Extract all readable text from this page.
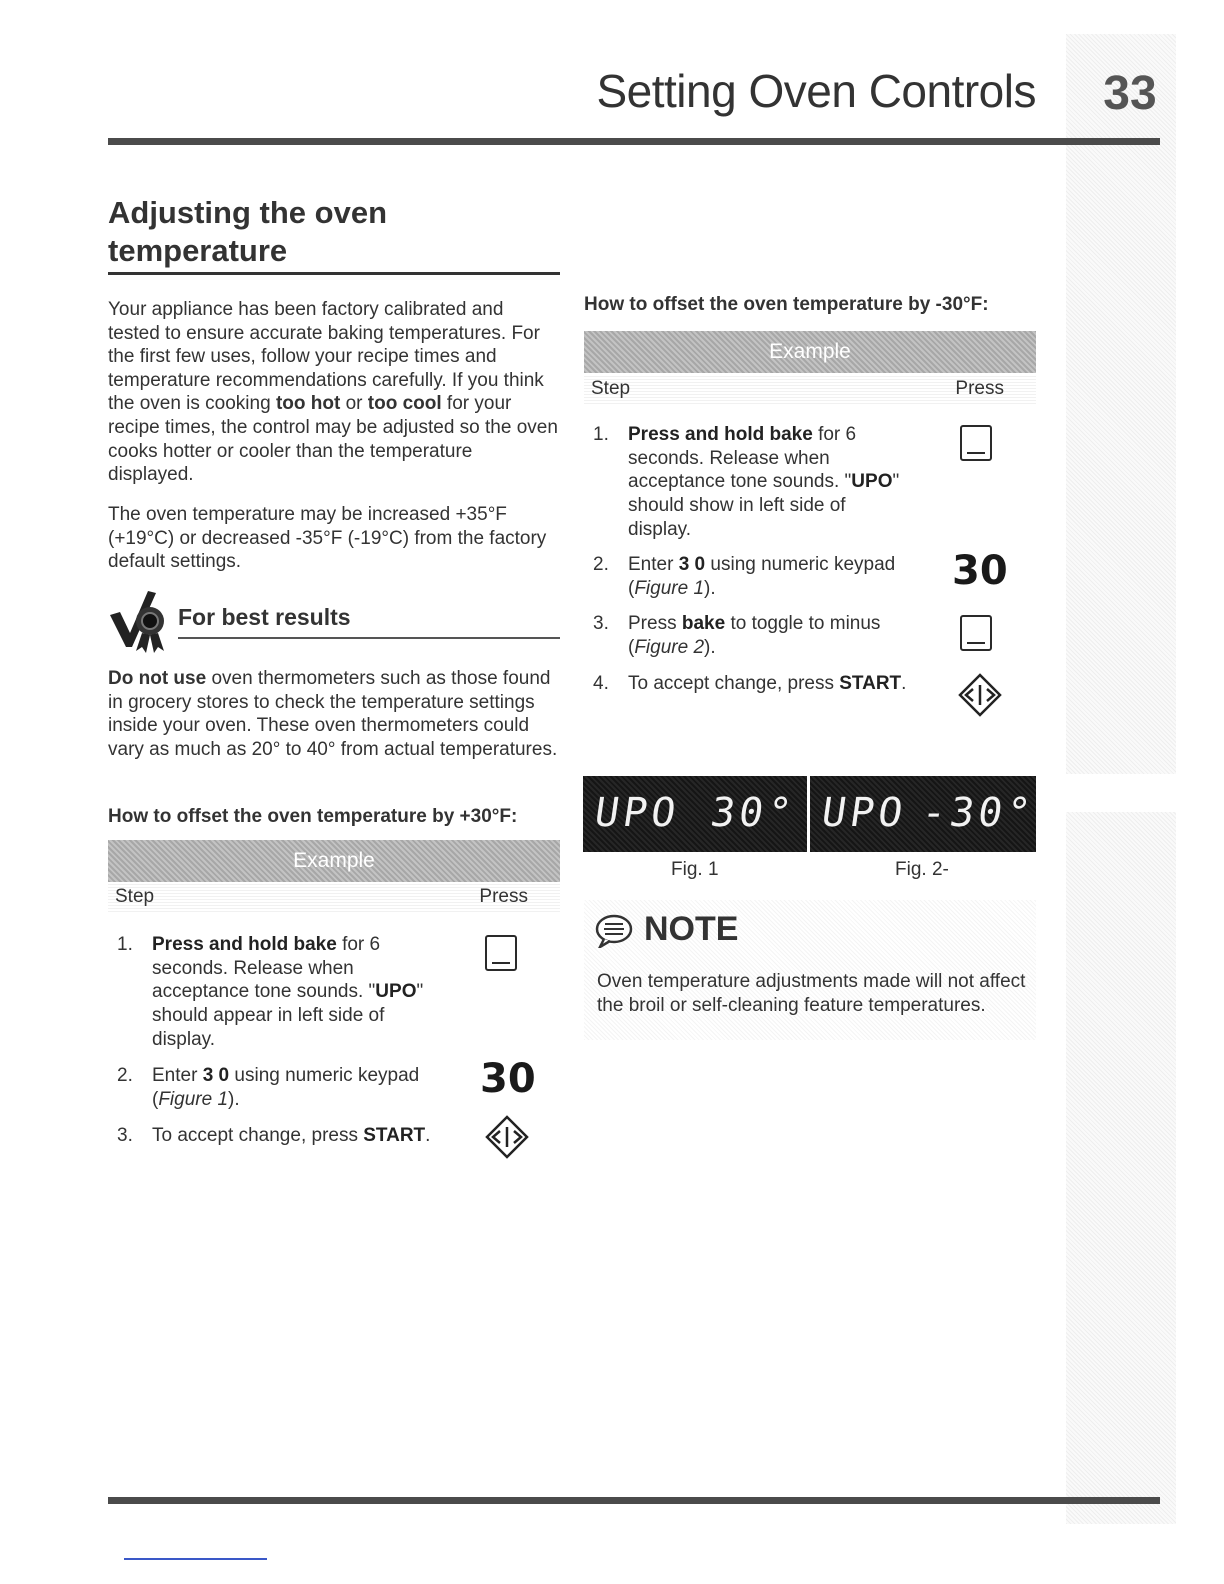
Setting Oven Controls 33
Adjusting the oven
temperature
Your appliance has been factory calibrated and tested to ensure accurate baking temperatures. For the first few uses, follow your recipe times and temperature recommendations carefully. If you think the oven is cooking too hot or too cool for your recipe times, the control may be adjusted so the oven cooks hotter or cooler than the temperature displayed.
The oven temperature may be increased +35°F (+19°C) or decreased -35°F (-19°C) from the factory default settings.
For best results
Do not use oven thermometers such as those found in grocery stores to check the temperature settings inside your oven. These oven thermometers could vary as much as 20° to 40° from actual temperatures.
How to offset the oven temperature by +30°F:
Example
Step	Press
1. Press and hold bake for 6 seconds. Release when acceptance tone sounds. "UPO" should appear in left side of display.
2. Enter 3 0 using numeric keypad (Figure 1).	30
3. To accept change, press START.
How to offset the oven temperature by -30°F:
Example
Step	Press
1. Press and hold bake for 6 seconds. Release when acceptance tone sounds. "UPO" should show in left side of display.
2. Enter 3 0 using numeric keypad (Figure 1).	30
3. Press bake to toggle to minus (Figure 2).
4. To accept change, press START.
UPO 30° UPO -30°
Fig. 1	Fig. 2-
NOTE
Oven temperature adjustments made will not affect the broil or self-cleaning feature temperatures.
